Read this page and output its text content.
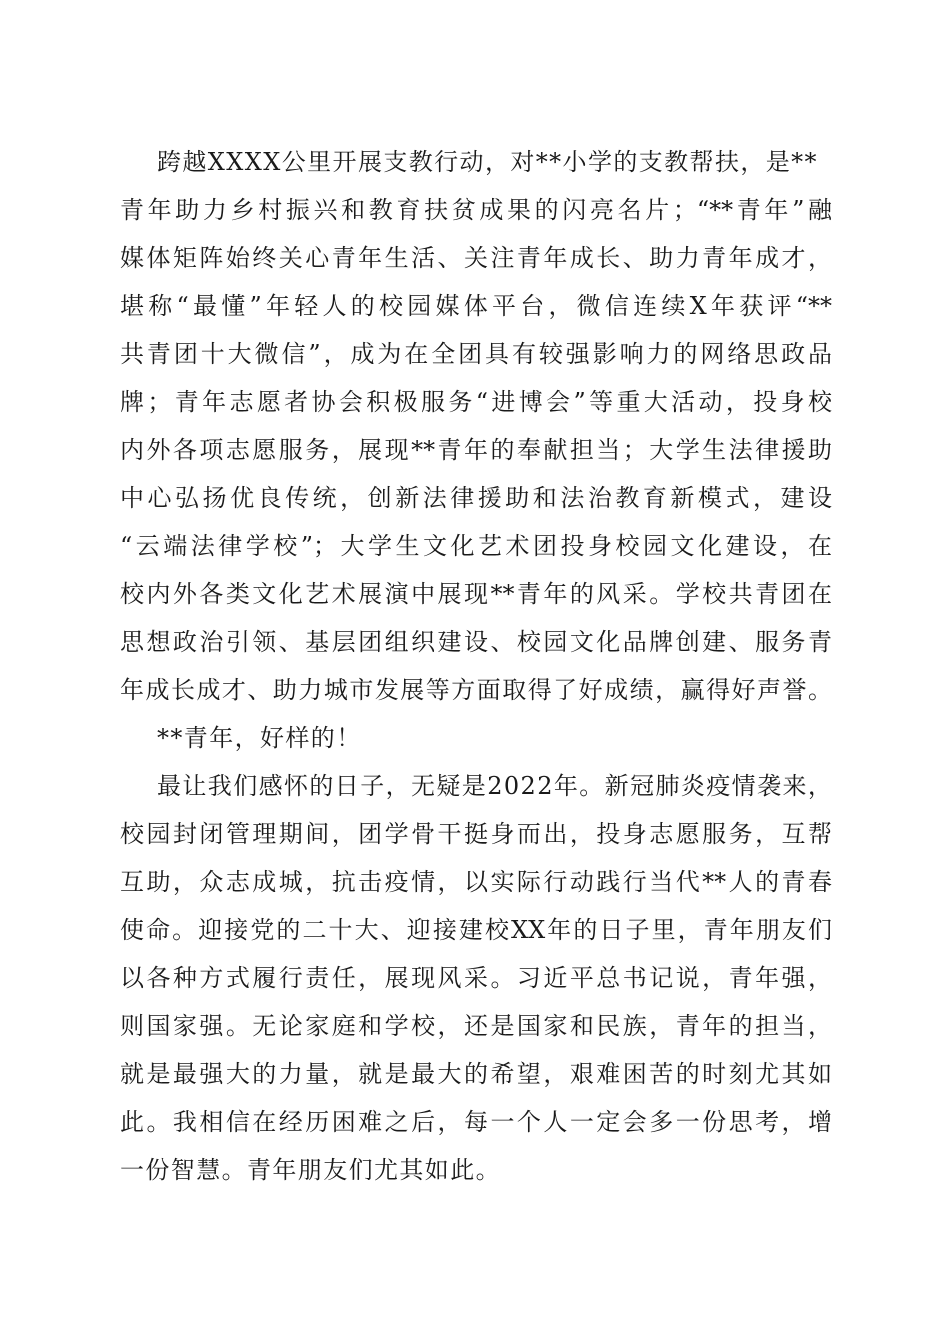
跨越XXXX公里开展支教行动，对**小学的支教帮扶，是**
青年助力乡村振兴和教育扶贫成果的闪亮名片；“**青年”融
媒体矩阵始终关心青年生活、关注青年成长、助力青年成才，
堪称“最懂”年轻人的校园媒体平台，微信连续X年获评“**
共青团十大微信”，成为在全团具有较强影响力的网络思政品
牌；青年志愿者协会积极服务“进博会”等重大活动，投身校
内外各项志愿服务，展现**青年的奉献担当；大学生法律援助
中心弘扬优良传统，创新法律援助和法治教育新模式，建设
“云端法律学校”；大学生文化艺术团投身校园文化建设，在
校内外各类文化艺术展演中展现**青年的风采。学校共青团在
思想政治引领、基层团组织建设、校园文化品牌创建、服务青
年成长成才、助力城市发展等方面取得了好成绩，赢得好声誉。
**青年，好样的！
最让我们感怀的日子，无疑是2022年。新冠肺炎疫情袭来，
校园封闭管理期间，团学骨干挺身而出，投身志愿服务，互帮
互助，众志成城，抗击疫情，以实际行动践行当代**人的青春
使命。迎接党的二十大、迎接建校XX年的日子里，青年朋友们
以各种方式履行责任，展现风采。习近平总书记说，青年强，
则国家强。无论家庭和学校，还是国家和民族，青年的担当，
就是最强大的力量，就是最大的希望，艰难困苦的时刻尤其如
此。我相信在经历困难之后，每一个人一定会多一份思考，增
一份智慧。青年朋友们尤其如此。
